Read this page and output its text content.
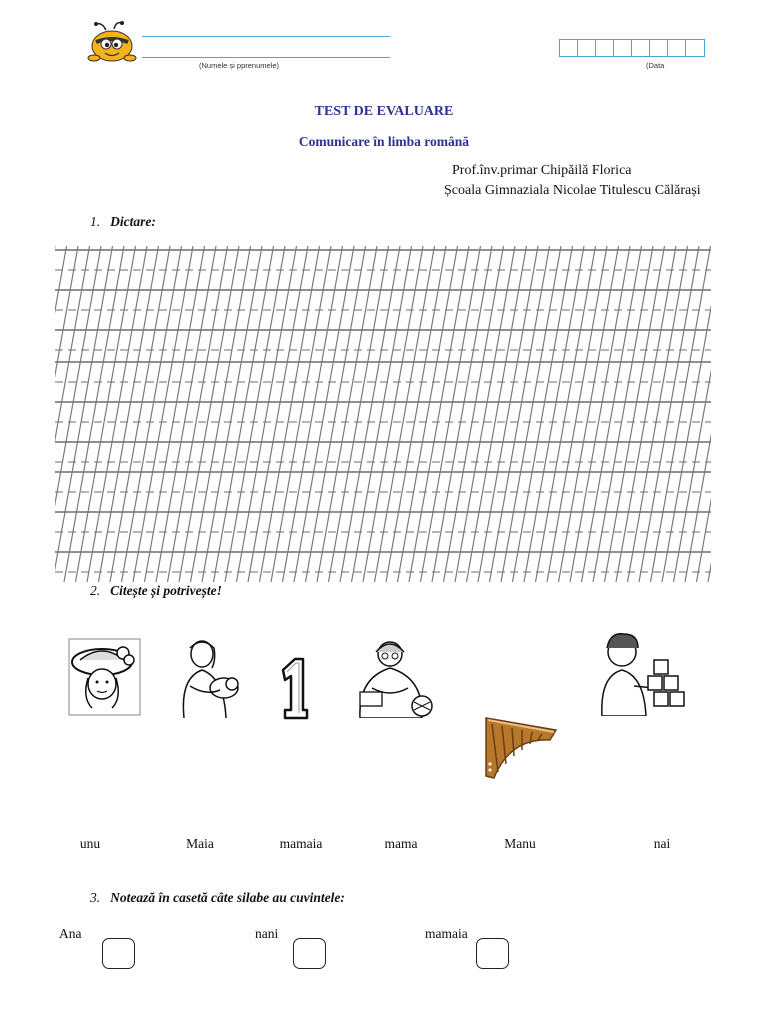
(Numele și pprenumele)	(Data
TEST DE EVALUARE
Comunicare în limba română
Prof.înv.primar Chipăilă Florica
Școala Gimnaziala Nicolae Titulescu Călărași
1. Dictare:
2. Citește și potrivește!
unu	Maia	mamaia	mama	Manu	nai
3. Notează în casetă câte silabe au cuvintele:
Ana	nani	mamaia
